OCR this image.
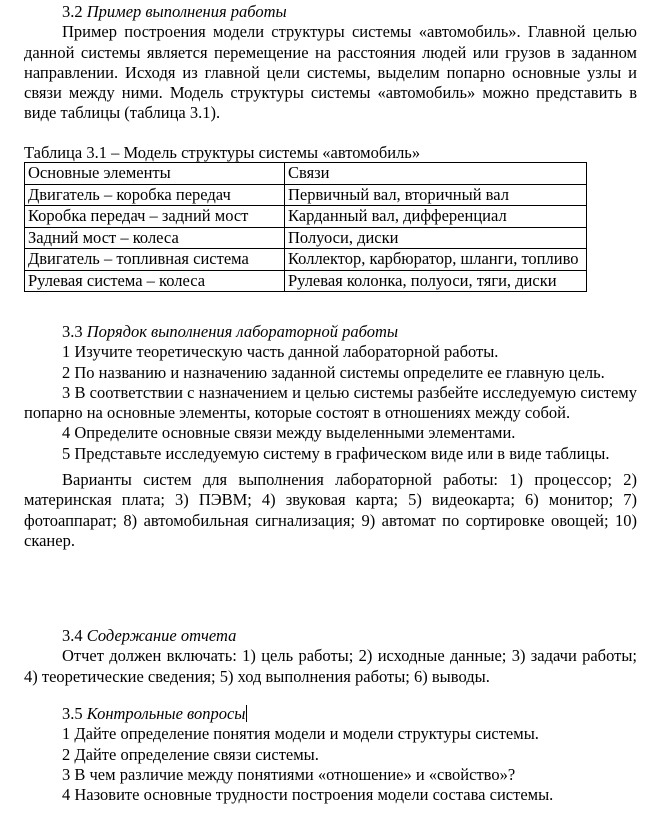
3.2 Пример выполнения работы

Пример построения модели структуры системы «автомобиль». Главной целью данной системы является перемещение на расстояния людей или грузов в заданном направлении. Исходя из главной цели системы, выделим попарно основные узлы и связи между ними. Модель структуры системы «автомобиль» можно представить в виде таблицы (таблица 3.1).

Таблица 3.1 – Модель структуры системы «автомобиль»
Основные элементы	Связи
Двигатель – коробка передач	Первичный вал, вторичный вал
Коробка передач – задний мост	Карданный вал, дифференциал
Задний мост – колеса	Полуоси, диски
Двигатель – топливная система	Коллектор, карбюратор, шланги, топливо
Рулевая система – колеса	Рулевая колонка, полуоси, тяги, диски

3.3 Порядок выполнения лабораторной работы

1 Изучите теоретическую часть данной лабораторной работы.

2 По названию и назначению заданной системы определите ее главную цель.

3 В соответствии с назначением и целью системы разбейте исследуемую систему попарно на основные элементы, которые состоят в отношениях между собой.

4 Определите основные связи между выделенными элементами.

5 Представьте исследуемую систему в графическом виде или в виде таблицы.

Варианты систем для выполнения лабораторной работы: 1) процессор; 2) материнская плата; 3) ПЭВМ; 4) звуковая карта; 5) видеокарта; 6) монитор; 7) фотоаппарат; 8) автомобильная сигнализация; 9) автомат по сортировке овощей; 10) сканер.

3.4 Содержание отчета

Отчет должен включать: 1) цель работы; 2) исходные данные; 3) задачи работы; 4) теоретические сведения; 5) ход выполнения работы; 6) выводы.

3.5 Контрольные вопросы

1 Дайте определение понятия модели и модели структуры системы.

2 Дайте определение связи системы.

3 В чем различие между понятиями «отношение» и «свойство»?

4 Назовите основные трудности построения модели состава системы.
